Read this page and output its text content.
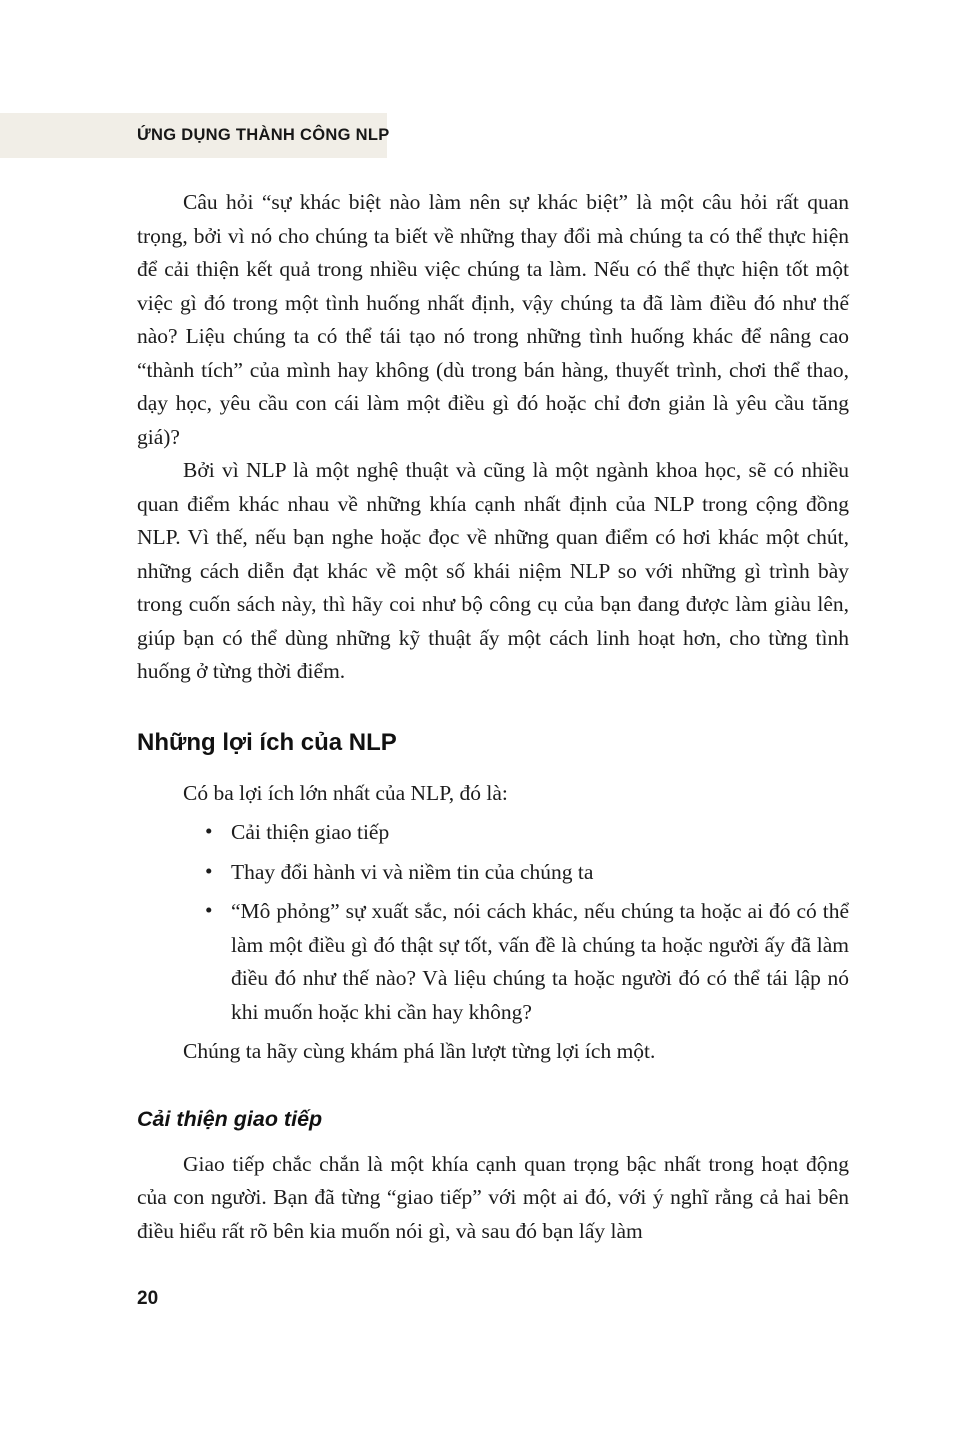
ỨNG DỤNG THÀNH CÔNG NLP

Câu hỏi “sự khác biệt nào làm nên sự khác biệt” là một câu hỏi rất quan trọng, bởi vì nó cho chúng ta biết về những thay đổi mà chúng ta có thể thực hiện để cải thiện kết quả trong nhiều việc chúng ta làm. Nếu có thể thực hiện tốt một việc gì đó trong một tình huống nhất định, vậy chúng ta đã làm điều đó như thế nào? Liệu chúng ta có thể tái tạo nó trong những tình huống khác để nâng cao “thành tích” của mình hay không (dù trong bán hàng, thuyết trình, chơi thể thao, dạy học, yêu cầu con cái làm một điều gì đó hoặc chỉ đơn giản là yêu cầu tăng giá)?

Bởi vì NLP là một nghệ thuật và cũng là một ngành khoa học, sẽ có nhiều quan điểm khác nhau về những khía cạnh nhất định của NLP trong cộng đồng NLP. Vì thế, nếu bạn nghe hoặc đọc về những quan điểm có hơi khác một chút, những cách diễn đạt khác về một số khái niệm NLP so với những gì trình bày trong cuốn sách này, thì hãy coi như bộ công cụ của bạn đang được làm giàu lên, giúp bạn có thể dùng những kỹ thuật ấy một cách linh hoạt hơn, cho từng tình huống ở từng thời điểm.

Những lợi ích của NLP

Có ba lợi ích lớn nhất của NLP, đó là:

• Cải thiện giao tiếp
• Thay đổi hành vi và niềm tin của chúng ta
• “Mô phỏng” sự xuất sắc, nói cách khác, nếu chúng ta hoặc ai đó có thể làm một điều gì đó thật sự tốt, vấn đề là chúng ta hoặc người ấy đã làm điều đó như thế nào? Và liệu chúng ta hoặc người đó có thể tái lập nó khi muốn hoặc khi cần hay không?

Chúng ta hãy cùng khám phá lần lượt từng lợi ích một.

Cải thiện giao tiếp

Giao tiếp chắc chắn là một khía cạnh quan trọng bậc nhất trong hoạt động của con người. Bạn đã từng “giao tiếp” với một ai đó, với ý nghĩ rằng cả hai bên điều hiểu rất rõ bên kia muốn nói gì, và sau đó bạn lấy làm

20
